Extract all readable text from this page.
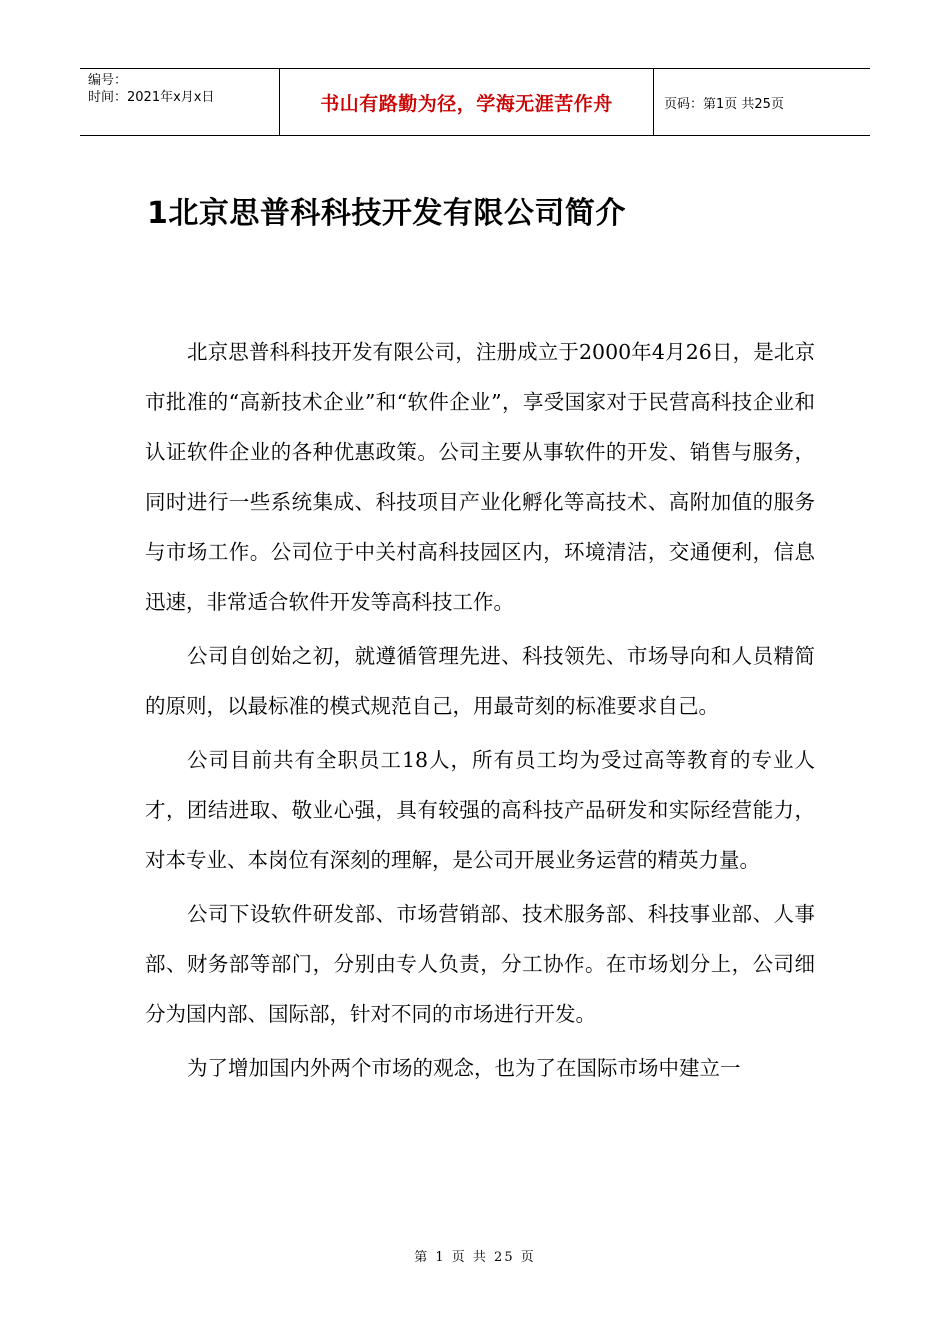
编号：
时间：2021年x月x日	书山有路勤为径，学海无涯苦作舟	页码：第1页 共25页
1北京思普科科技开发有限公司简介

北京思普科科技开发有限公司，注册成立于2000年4月26日，是北京市批准的“高新技术企业”和“软件企业”，享受国家对于民营高科技企业和认证软件企业的各种优惠政策。公司主要从事软件的开发、销售与服务，同时进行一些系统集成、科技项目产业化孵化等高技术、高附加值的服务与市场工作。公司位于中关村高科技园区内，环境清洁，交通便利，信息迅速，非常适合软件开发等高科技工作。

公司自创始之初，就遵循管理先进、科技领先、市场导向和人员精简的原则，以最标准的模式规范自己，用最苛刻的标准要求自己。

公司目前共有全职员工18人，所有员工均为受过高等教育的专业人才，团结进取、敬业心强，具有较强的高科技产品研发和实际经营能力，对本专业、本岗位有深刻的理解，是公司开展业务运营的精英力量。

公司下设软件研发部、市场营销部、技术服务部、科技事业部、人事部、财务部等部门，分别由专人负责，分工协作。在市场划分上，公司细分为国内部、国际部，针对不同的市场进行开发。

为了增加国内外两个市场的观念，也为了在国际市场中建立一

第 1 页 共 25 页
